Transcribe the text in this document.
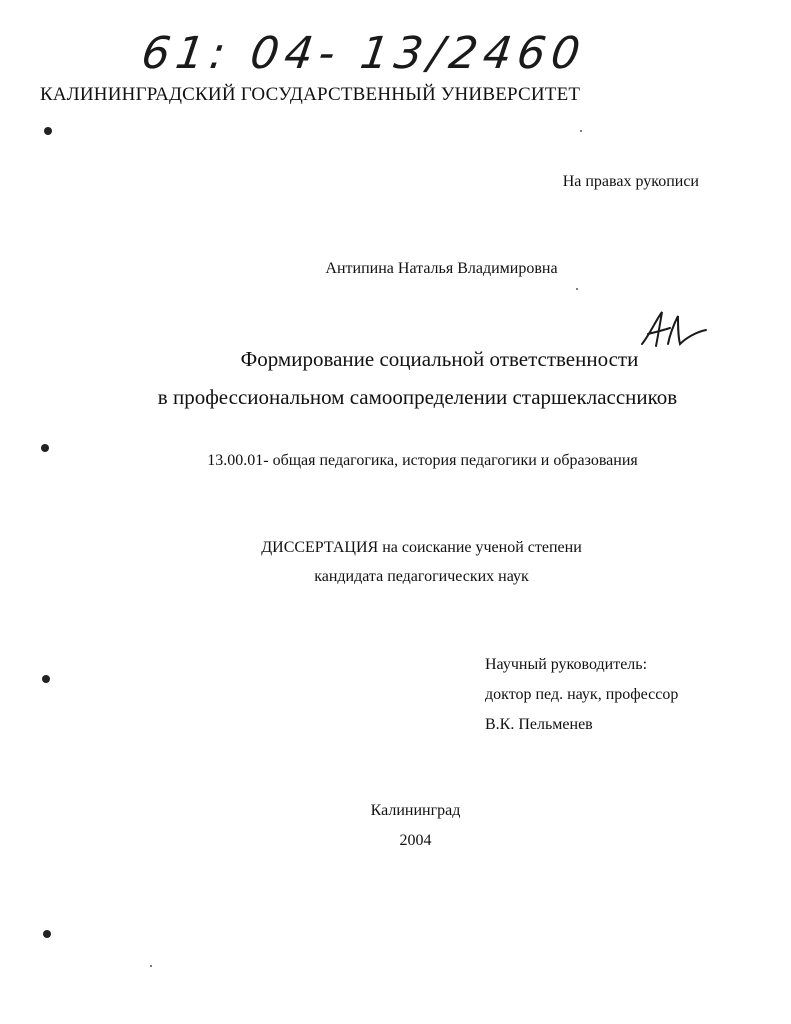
61: 04- 13/2460
КАЛИНИНГРАДСКИЙ ГОСУДАРСТВЕННЫЙ УНИВЕРСИТЕТ
На правах рукописи
Антипина Наталья Владимировна
Формирование социальной ответственности
в профессиональном самоопределении старшеклассников
13.00.01- общая педагогика, история педагогики и образования
ДИССЕРТАЦИЯ на соискание ученой степени
кандидата педагогических наук
Научный руководитель:
доктор пед. наук, профессор
В.К. Пельменев
Калининград
2004
